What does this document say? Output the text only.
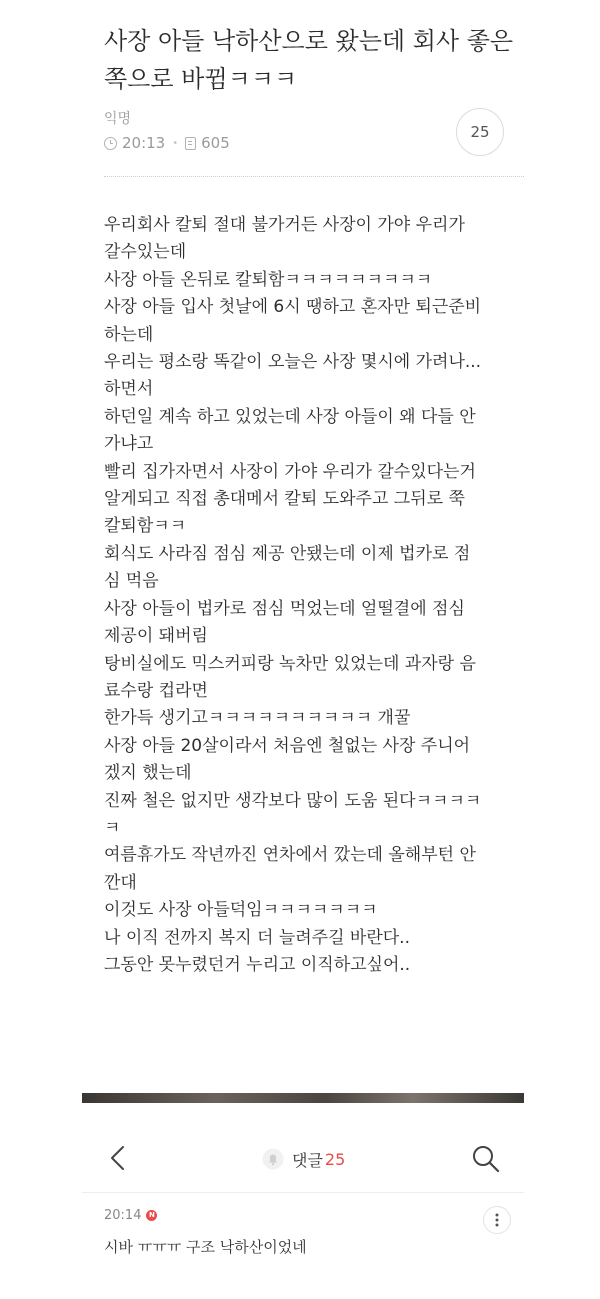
사장 아들 낙하산으로 왔는데 회사 좋은쪽으로 바뀜ㅋㅋㅋ
익명
20:13 • 605
25
우리회사 칼퇴 절대 불가거든 사장이 가야 우리가
갈수있는데
사장 아들 온뒤로 칼퇴함ㅋㅋㅋㅋㅋㅋㅋㅋㅋ
사장 아들 입사 첫날에 6시 땡하고 혼자만 퇴근준비
하는데
우리는 평소랑 똑같이 오늘은 사장 몇시에 가려나...
하면서
하던일 계속 하고 있었는데 사장 아들이 왜 다들 안
가냐고
빨리 집가자면서 사장이 가야 우리가 갈수있다는거
알게되고 직접 총대메서 칼퇴 도와주고 그뒤로 쭉
칼퇴함ㅋㅋ
회식도 사라짐 점심 제공 안됐는데 이제 법카로 점
심 먹음
사장 아들이 법카로 점심 먹었는데 얼떨결에 점심
제공이 돼버림
탕비실에도 믹스커피랑 녹차만 있었는데 과자랑 음
료수랑 컵라면
한가득 생기고ㅋㅋㅋㅋㅋㅋㅋㅋㅋㅋ 개꿀
사장 아들 20살이라서 처음엔 철없는 사장 주니어
겠지 했는데
진짜 철은 없지만 생각보다 많이 도움 된다ㅋㅋㅋㅋ
ㅋ
여름휴가도 작년까진 연차에서 깠는데 올해부턴 안
깐대
이것도 사장 아들덕임ㅋㅋㅋㅋㅋㅋㅋ
나 이직 전까지 복지 더 늘려주길 바란다..
그동안 못누렸던거 누리고 이직하고싶어..
댓글 25
20:14	N
시바 ㅠㅠㅠ 구조 낙하산이었네
